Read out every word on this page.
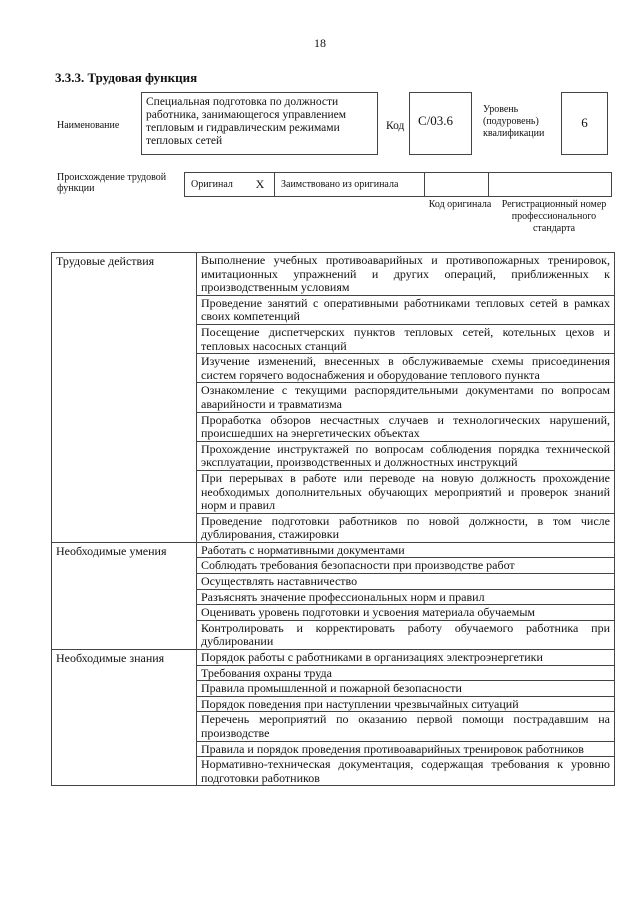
18
3.3.3. Трудовая функция
Наименование
Специальная подготовка по должности работника, занимающегося управлением тепловым и гидравлическим режимами тепловых сетей
Код	C/03.6
Уровень (подуровень) квалификации
6
Происхождение трудовой функции	Оригинал	X	Заимствовано из оригинала
Код оригинала	Регистрационный номер профессионального стандарта
Трудовые действия	Выполнение учебных противоаварийных и противопожарных тренировок, имитационных упражнений и других операций, приближенных к производственным условиям
Проведение занятий с оперативными работниками тепловых сетей в рамках своих компетенций
Посещение диспетчерских пунктов тепловых сетей, котельных цехов и тепловых насосных станций
Изучение изменений, внесенных в обслуживаемые схемы присоединения систем горячего водоснабжения и оборудование теплового пункта
Ознакомление с текущими распорядительными документами по вопросам аварийности и травматизма
Проработка обзоров несчастных случаев и технологических нарушений, происшедших на энергетических объектах
Прохождение инструктажей по вопросам соблюдения порядка технической эксплуатации, производственных и должностных инструкций
При перерывах в работе или переводе на новую должность прохождение необходимых дополнительных обучающих мероприятий и проверок знаний норм и правил
Проведение подготовки работников по новой должности, в том числе дублирования, стажировки
Необходимые умения	Работать с нормативными документами
Соблюдать требования безопасности при производстве работ
Осуществлять наставничество
Разъяснять значение профессиональных норм и правил
Оценивать уровень подготовки и усвоения материала обучаемым
Контролировать и корректировать работу обучаемого работника при дублировании
Необходимые знания	Порядок работы с работниками в организациях электроэнергетики
Требования охраны труда
Правила промышленной и пожарной безопасности
Порядок поведения при наступлении чрезвычайных ситуаций
Перечень мероприятий по оказанию первой помощи пострадавшим на производстве
Правила и порядок проведения противоаварийных тренировок работников
Нормативно-техническая документация, содержащая требования к уровню подготовки работников
